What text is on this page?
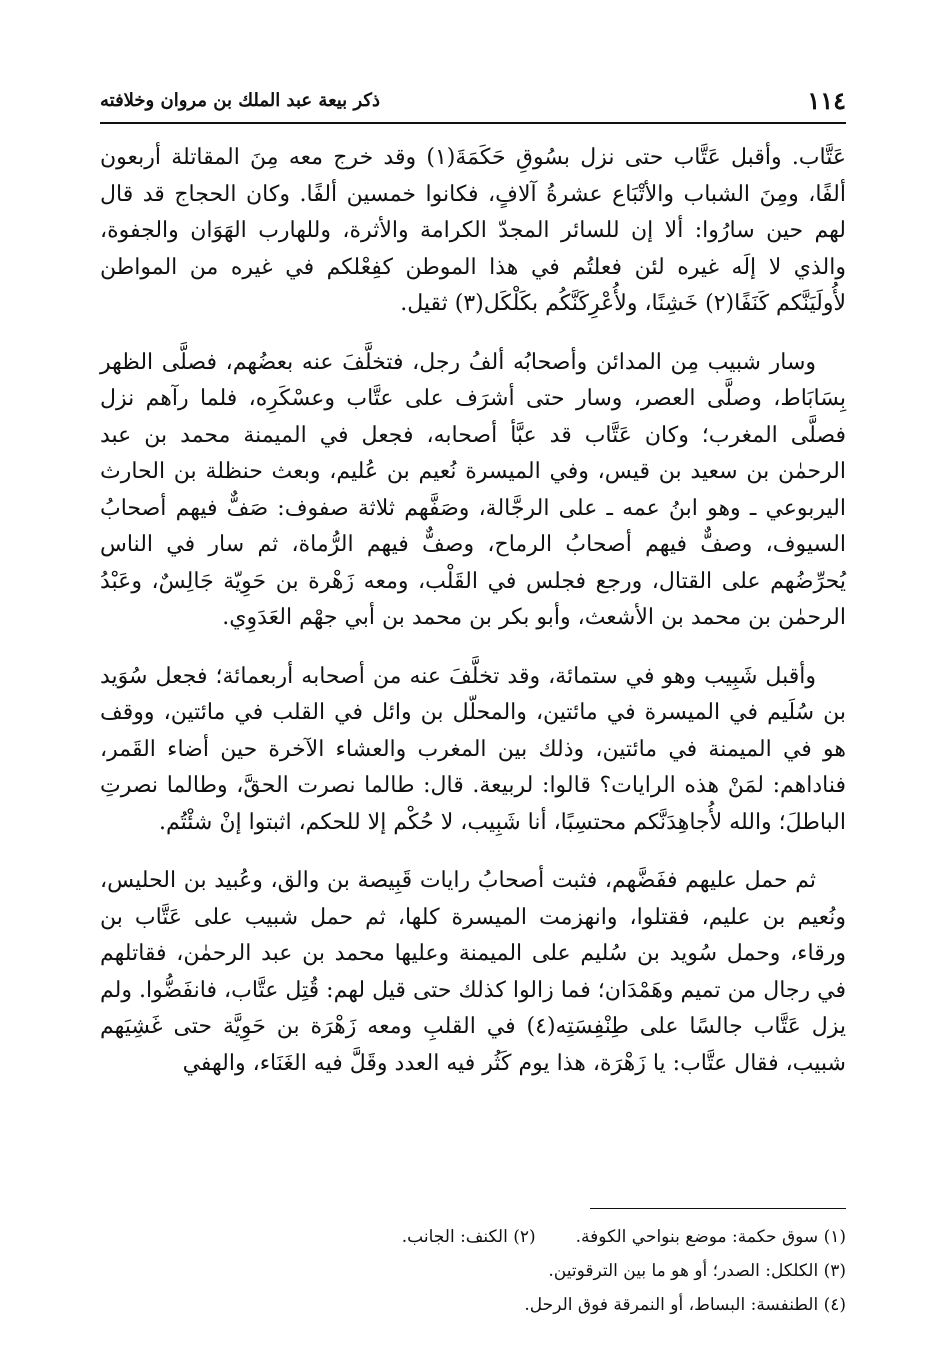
١١٤
ذكر بيعة عبد الملك بن مروان وخلافته

عَتَّاب. وأقبل عَتَّاب حتى نزل بسُوقِ حَكَمَةَ(١) وقد خرج معه مِنَ المقاتلة أربعون ألفًا، ومِنَ الشباب والأتْبَاع عشرةُ آلافٍ، فكانوا خمسين ألفًا. وكان الحجاج قد قال لهم حين سارُوا: ألا إن للسائر المجدّ الكرامة والأثرة، وللهارب الهَوَان والجفوة، والذي لا إلَه غيره لئن فعلتُم في هذا الموطن كفِعْلكم في غيره من المواطن لأُولَيَنَّكم كَنَفًا(٢) خَشِنًا، ولأُعْرِكَنَّكُم بكَلْكَل(٣) ثقيل.

وسار شبيب مِن المدائن وأصحابُه ألفُ رجل، فتخلَّفَ عنه بعضُهم، فصلَّى الظهر بِسَابَاط، وصلَّى العصر، وسار حتى أشرَف على عتَّاب وعسْكَرِه، فلما رآهم نزل فصلَّى المغرب؛ وكان عَتَّاب قد عبَّأ أصحابه، فجعل في الميمنة محمد بن عبد الرحمٰن بن سعيد بن قيس، وفي الميسرة نُعيم بن عُليم، وبعث حنظلة بن الحارث اليربوعي ـ وهو ابنُ عمه ـ على الرجَّالة، وصَفَّهم ثلاثة صفوف: صَفٌّ فيهم أصحابُ السيوف، وصفٌّ فيهم أصحابُ الرماح، وصفٌّ فيهم الرُّماة، ثم سار في الناس يُحرِّضُهم على القتال، ورجع فجلس في القَلْب، ومعه زَهْرة بن حَوِيّة جَالِسٌ، وعَبْدُ الرحمٰن بن محمد بن الأشعث، وأبو بكر بن محمد بن أبي جهْم العَدَوِي.

وأقبل شَبِيب وهو في ستمائة، وقد تخلَّفَ عنه من أصحابه أربعمائة؛ فجعل سُوَيد بن سُلَيم في الميسرة في مائتين، والمحلّل بن وائل في القلب في مائتين، ووقف هو في الميمنة في مائتين، وذلك بين المغرب والعشاء الآخرة حين أضاء القَمر، فناداهم: لمَنْ هذه الرايات؟ قالوا: لربيعة. قال: طالما نصرت الحقَّ، وطالما نصرتِ الباطلَ؛ والله لأُجاهِدَنَّكم محتسِبًا، أنا شَبِيب، لا حُكْم إلا للحكم، اثبتوا إنْ شئْتُم.

ثم حمل عليهم ففَضَّهم، فثبت أصحابُ رايات قَبِيصة بن والق، وعُبيد بن الحليس، ونُعيم بن عليم، فقتلوا، وانهزمت الميسرة كلها، ثم حمل شبيب على عَتَّاب بن ورقاء، وحمل سُويد بن سُليم على الميمنة وعليها محمد بن عبد الرحمٰن، فقاتلهم في رجال من تميم وهَمْدَان؛ فما زالوا كذلك حتى قيل لهم: قُتِل عتَّاب، فانفَضُّوا. ولم يزل عَتَّاب جالسًا على طِنْفِسَتِه(٤) في القلبِ ومعه زَهْرَة بن حَوِيَّة حتى غَشِيَهم شبيب، فقال عتَّاب: يا زَهْرَة، هذا يوم كَثُر فيه العدد وقَلَّ فيه الغَنَاء، والهفي

(١) سوق حكمة: موضع بنواحي الكوفة.
(٢) الكنف: الجانب.
(٣) الكلكل: الصدر؛ أو هو ما بين الترقوتين.
(٤) الطنفسة: البساط، أو النمرقة فوق الرحل.
